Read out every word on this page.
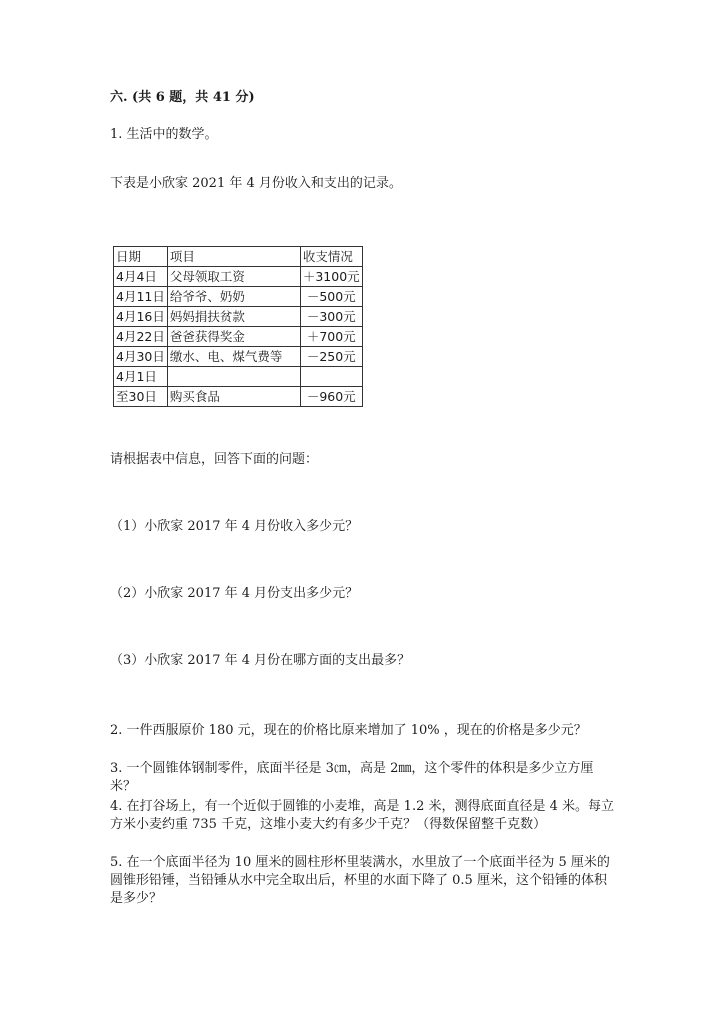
六. (共 6 题，共 41 分)
1. 生活中的数学。
下表是小欣家 2021 年 4 月份收入和支出的记录。
日期	项目	收支情况
4月4日	父母领取工资	＋3100元
4月11日	给爷爷、奶奶	－500元
4月16日	妈妈捐扶贫款	－300元
4月22日	爸爸获得奖金	＋700元
4月30日	缴水、电、煤气费等	－250元
4月1日		
至30日	购买食品	－960元
请根据表中信息，回答下面的问题：
（1）小欣家 2017 年 4 月份收入多少元？
（2）小欣家 2017 年 4 月份支出多少元？
（3）小欣家 2017 年 4 月份在哪方面的支出最多？
2. 一件西服原价 180 元，现在的价格比原来增加了 10% ，现在的价格是多少元？
3. 一个圆锥体钢制零件，底面半径是 3㎝，高是 2㎜，这个零件的体积是多少立方厘米？
4. 在打谷场上，有一个近似于圆锥的小麦堆，高是 1.2 米，测得底面直径是 4 米。每立方米小麦约重 735 千克，这堆小麦大约有多少千克？（得数保留整千克数）
5. 在一个底面半径为 10 厘米的圆柱形杯里装满水，水里放了一个底面半径为 5 厘米的圆锥形铅锤，当铅锤从水中完全取出后，杯里的水面下降了 0.5 厘米，这个铅锤的体积是多少？
